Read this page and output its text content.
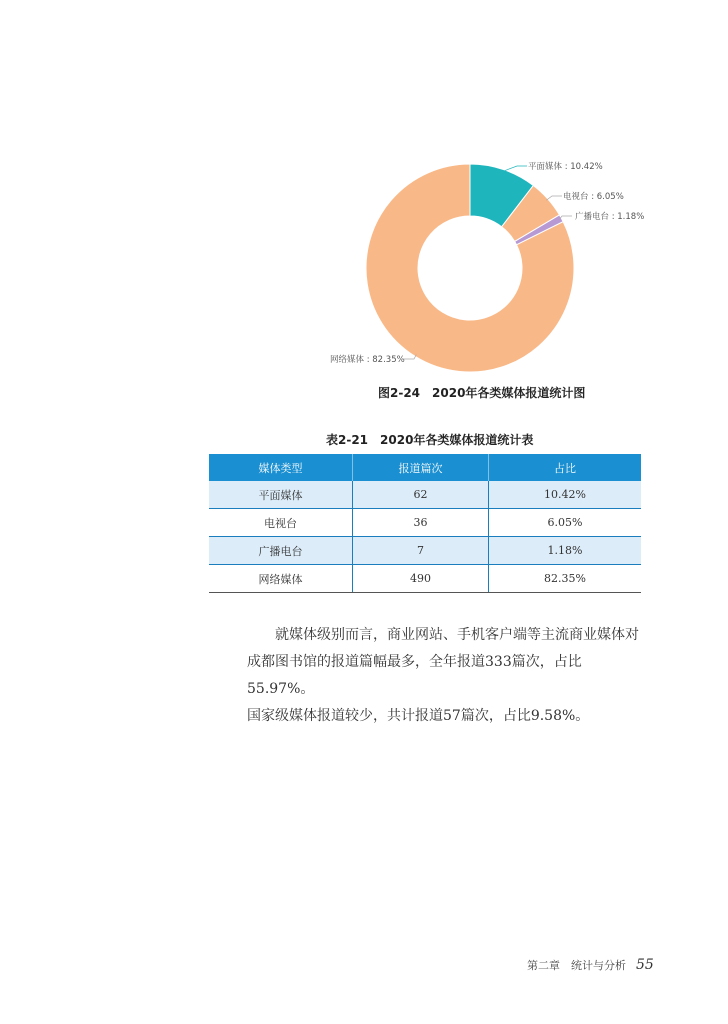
平面媒体 : 10.42%
电视台 : 6.05%
广播电台 : 1.18%
网络媒体 : 82.35%
图2-24　2020年各类媒体报道统计图
表2-21　2020年各类媒体报道统计表
媒体类型	报道篇次	占比
平面媒体	62	10.42%
电视台	36	6.05%
广播电台	7	1.18%
网络媒体	490	82.35%

　　就媒体级别而言，商业网站、手机客户端等主流商业媒体对

成都图书馆的报道篇幅最多，全年报道333篇次，占比55.97%。

国家级媒体报道较少，共计报道57篇次，占比9.58%。

第二章　统计与分析 55
